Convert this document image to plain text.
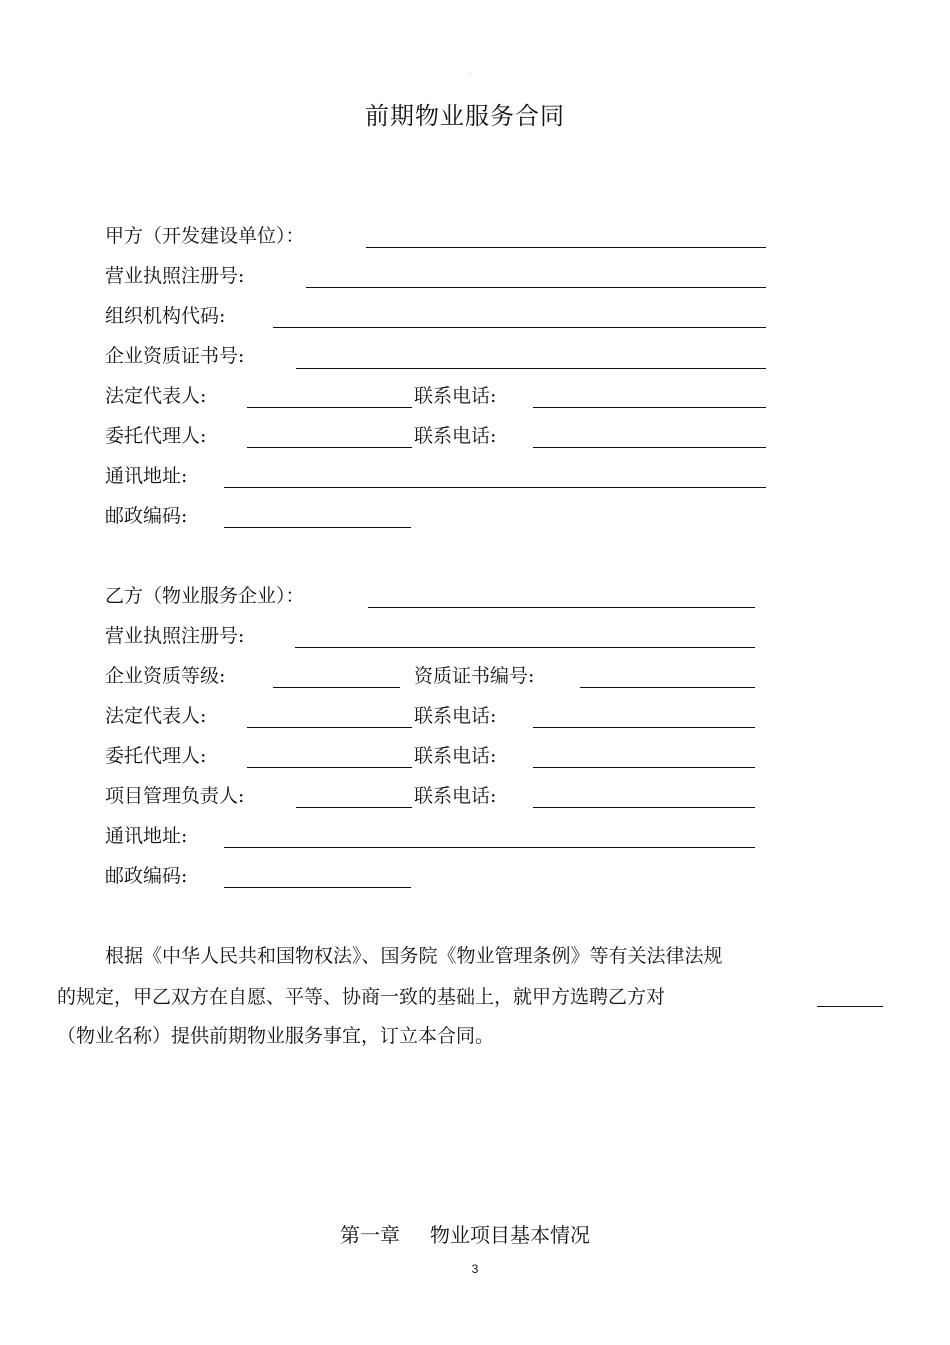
-
前期物业服务合同
甲方（开发建设单位）：
营业执照注册号:
组织机构代码:
企业资质证书号:
法定代表人:	联系电话:
委托代理人:	联系电话:
通讯地址:
邮政编码:
乙方（物业服务企业）：
营业执照注册号:
企业资质等级:	资质证书编号:
法定代表人:	联系电话:
委托代理人:	联系电话:
项目管理负责人:	联系电话:
通讯地址:
邮政编码:
根据《中华人民共和国物权法》、国务院《物业管理条例》等有关法律法规
的规定，甲乙双方在自愿、平等、协商一致的基础上，就甲方选聘乙方对
（物业名称）提供前期物业服务事宜，订立本合同。
第一章 物业项目基本情况
3
